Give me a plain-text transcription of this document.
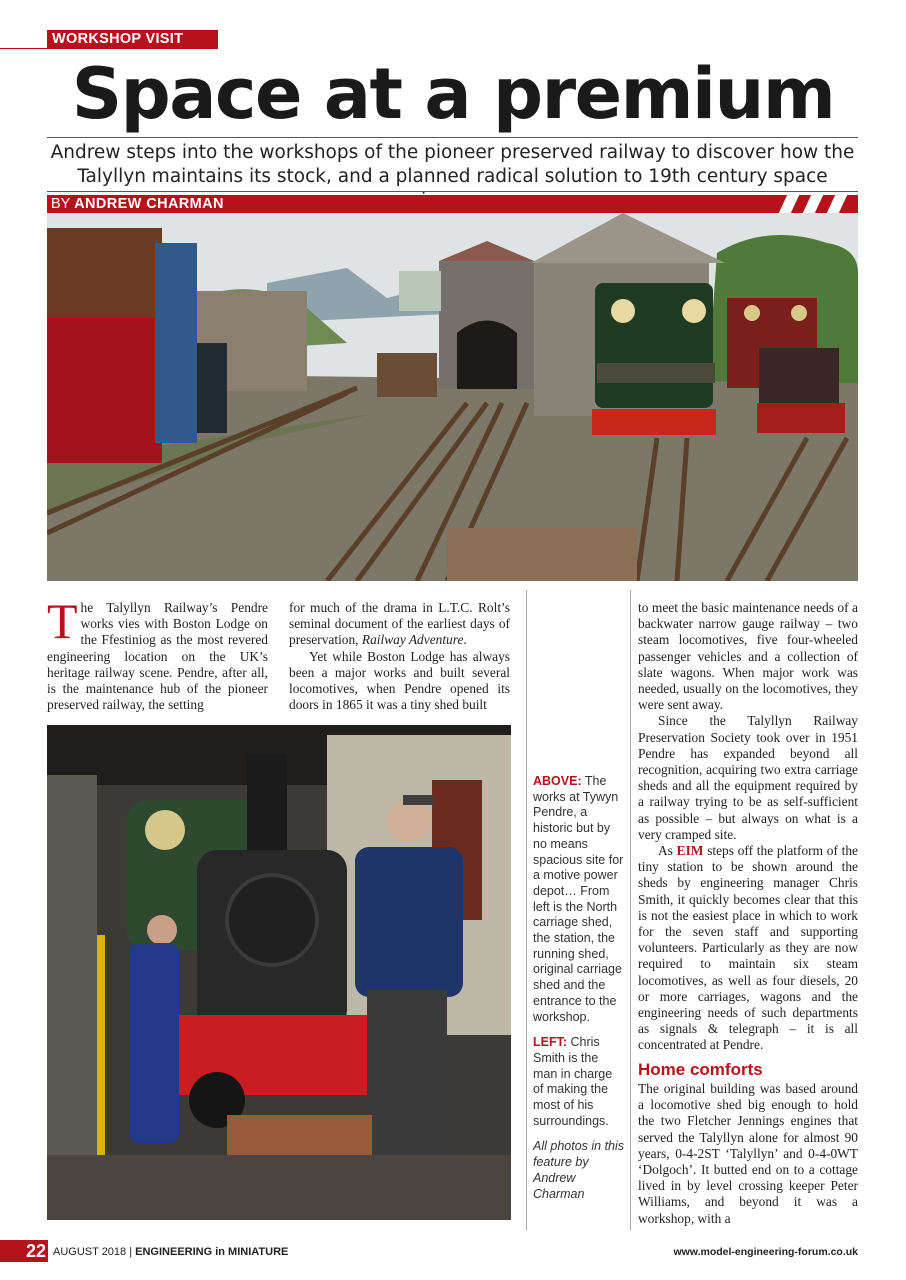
WORKSHOP VISIT
Space at a premium
Andrew steps into the workshops of the pioneer preserved railway to discover how the
Talyllyn maintains its stock, and a planned radical solution to 19th century space
BY ANDREW CHARMAN

The Talyllyn Railway’s Pendre works vies with Boston Lodge on the Ffestiniog as the most revered engineering location on the UK’s heritage railway scene. Pendre, after all, is the maintenance hub of the pioneer preserved railway, the setting

for much of the drama in L.T.C. Rolt’s seminal document of the earliest days of preservation, Railway Adventure.

Yet while Boston Lodge has always been a major works and built several locomotives, when Pendre opened its doors in 1865 it was a tiny shed built

ABOVE: The works at Tywyn Pendre, a historic but by no means spacious site for a motive power depot… From left is the North carriage shed, the station, the running shed, original carriage shed and the entrance to the workshop.

LEFT: Chris Smith is the man in charge of making the most of his surroundings.

All photos in this feature by Andrew Charman

to meet the basic maintenance needs of a backwater narrow gauge railway – two steam locomotives, five four-wheeled passenger vehicles and a collection of slate wagons. When major work was needed, usually on the locomotives, they were sent away.

Since the Talyllyn Railway Preservation Society took over in 1951 Pendre has expanded beyond all recognition, acquiring two extra carriage sheds and all the equipment required by a railway trying to be as self-sufficient as possible – but always on what is a very cramped site.

As EIM steps off the platform of the tiny station to be shown around the sheds by engineering manager Chris Smith, it quickly becomes clear that this is not the easiest place in which to work for the seven staff and supporting volunteers. Particularly as they are now required to maintain six steam locomotives, as well as four diesels, 20 or more carriages, wagons and the engineering needs of such departments as signals & telegraph – it is all concentrated at Pendre.

Home comforts

The original building was based around a locomotive shed big enough to hold the two Fletcher Jennings engines that served the Talyllyn alone for almost 90 years, 0-4-2ST ‘Talyllyn’ and 0-4-0WT ‘Dolgoch’. It butted end on to a cottage lived in by level crossing keeper Peter Williams, and beyond it was a workshop, with a

22 AUGUST 2018 | ENGINEERING in MINIATURE	www.model-engineering-forum.co.uk
